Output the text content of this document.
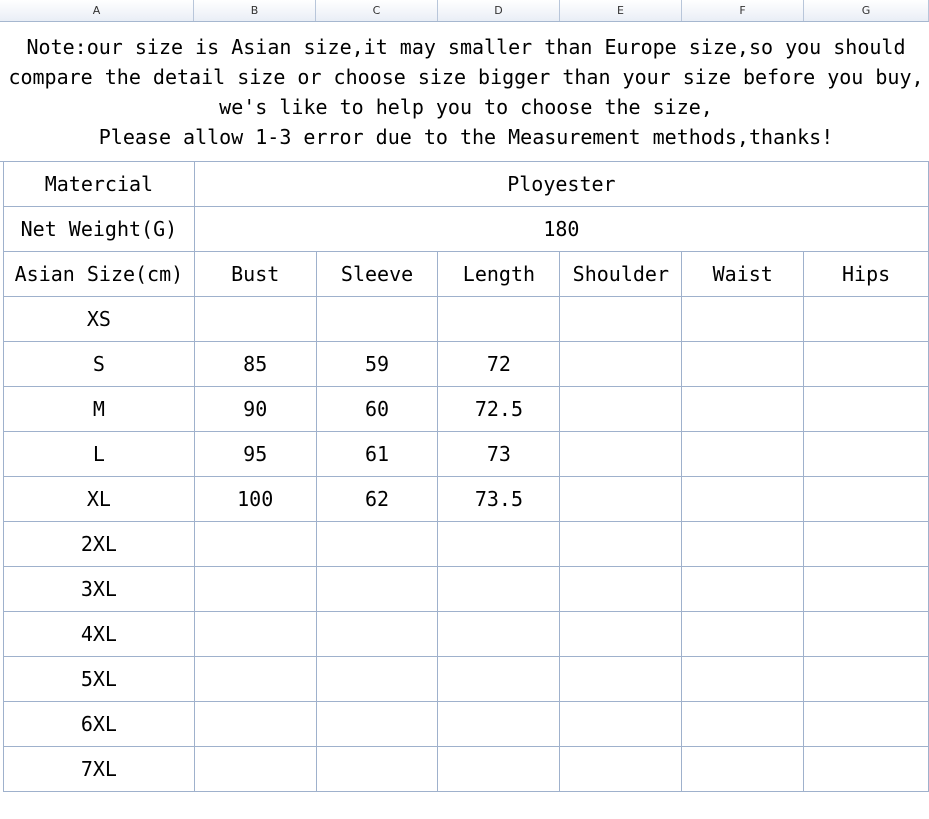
A	B	C	D	E	F	G
Note:our size is Asian size,it may smaller than Europe size,so you should
compare the detail size or choose size bigger than your size before you buy,
we's like to help you to choose the size,
Please allow 1-3 error due to the Measurement methods,thanks!
Matercial	Ployester					
Net Weight(G)	180					
Asian Size(cm)	Bust	Sleeve	Length	Shoulder	Waist	Hips
XS						
S	85	59	72			
M	90	60	72.5			
L	95	61	73			
XL	100	62	73.5			
2XL						
3XL						
4XL						
5XL						
6XL						
7XL						
